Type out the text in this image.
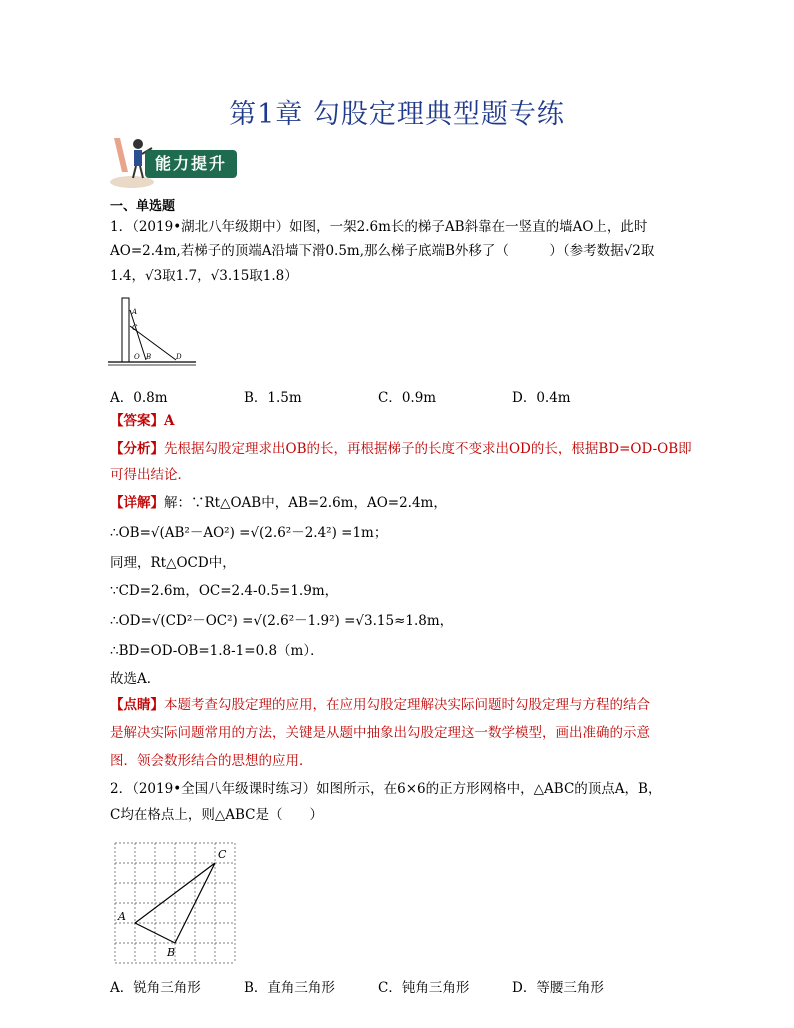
第1章 勾股定理典型题专练
能力提升
一、单选题
1．（2019•湖北八年级期中）如图，一架2.6m长的梯子AB斜靠在一竖直的墙AO上，此时
AO=2.4m,若梯子的顶端A沿墙下滑0.5m,那么梯子底端B外移了（　　　）（参考数据√2取
1.4，√3取1.7，√3.15取1.8）
A
C
O B	D
A．0.8m	B．1.5m	C．0.9m	D．0.4m
【答案】A
【分析】先根据勾股定理求出OB的长，再根据梯子的长度不变求出OD的长，根据BD=OD-OB即
可得出结论．
【详解】解：∵Rt△OAB中，AB=2.6m，AO=2.4m，
∴OB=√(AB²－AO²) =√(2.6²－2.4²) =1m；
同理，Rt△OCD中，
∵CD=2.6m，OC=2.4-0.5=1.9m，
∴OD=√(CD²－OC²) =√(2.6²－1.9²) =√3.15≈1.8m，
∴BD=OD-OB=1.8-1=0.8（m）．
故选A．
【点睛】本题考查勾股定理的应用，在应用勾股定理解决实际问题时勾股定理与方程的结合
是解决实际问题常用的方法，关键是从题中抽象出勾股定理这一数学模型，画出准确的示意
图．领会数形结合的思想的应用．
2．（2019•全国八年级课时练习）如图所示，在6×6的正方形网格中，△ABC的顶点A，B，
C均在格点上，则△ABC是（　　）
A
B
C
A．锐角三角形	B．直角三角形	C．钝角三角形	D．等腰三角形
